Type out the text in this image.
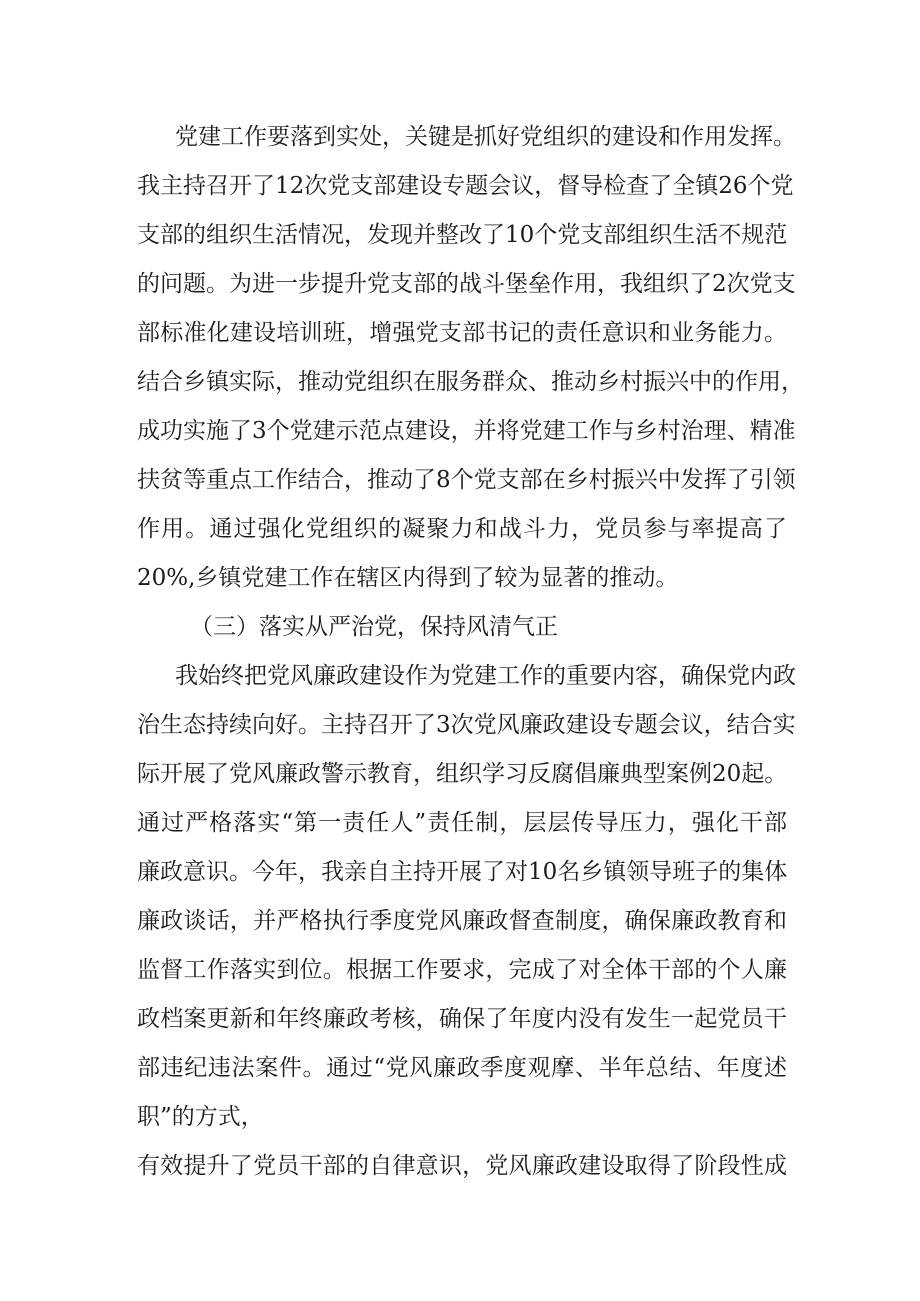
党建工作要落到实处，关键是抓好党组织的建设和作用发挥。
我主持召开了12次党支部建设专题会议，督导检查了全镇26个党
支部的组织生活情况，发现并整改了10个党支部组织生活不规范
的问题。为进一步提升党支部的战斗堡垒作用，我组织了2次党支
部标准化建设培训班，增强党支部书记的责任意识和业务能力。
结合乡镇实际，推动党组织在服务群众、推动乡村振兴中的作用，
成功实施了3个党建示范点建设，并将党建工作与乡村治理、精准
扶贫等重点工作结合，推动了8个党支部在乡村振兴中发挥了引领
作用。通过强化党组织的凝聚力和战斗力，党员参与率提高了
20%,乡镇党建工作在辖区内得到了较为显著的推动。
（三）落实从严治党，保持风清气正
我始终把党风廉政建设作为党建工作的重要内容，确保党内政
治生态持续向好。主持召开了3次党风廉政建设专题会议，结合实
际开展了党风廉政警示教育，组织学习反腐倡廉典型案例20起。
通过严格落实“第一责任人”责任制，层层传导压力，强化干部
廉政意识。今年，我亲自主持开展了对10名乡镇领导班子的集体
廉政谈话，并严格执行季度党风廉政督查制度，确保廉政教育和
监督工作落实到位。根据工作要求，完成了对全体干部的个人廉
政档案更新和年终廉政考核，确保了年度内没有发生一起党员干
部违纪违法案件。通过“党风廉政季度观摩、半年总结、年度述
职”的方式，
有效提升了党员干部的自律意识，党风廉政建设取得了阶段性成
